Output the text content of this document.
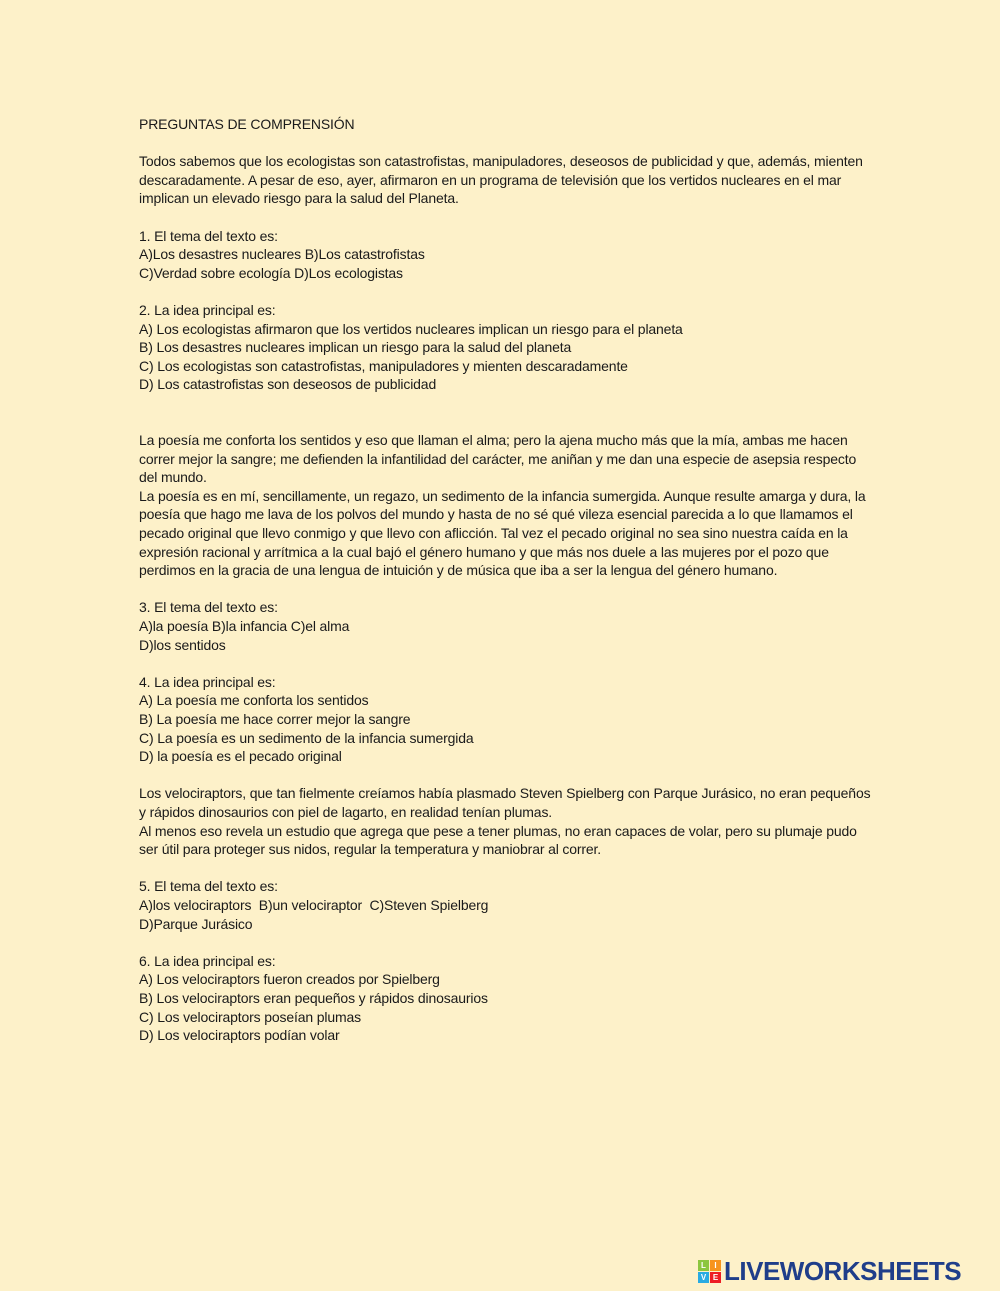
PREGUNTAS DE COMPRENSIÓN
Todos sabemos que los ecologistas son catastrofistas, manipuladores, deseosos de publicidad y que, además, mienten
descaradamente. A pesar de eso, ayer, afirmaron en un programa de televisión que los vertidos nucleares en el mar
implican un elevado riesgo para la salud del Planeta.
1. El tema del texto es:
A)Los desastres nucleares B)Los catastrofistas
C)Verdad sobre ecología D)Los ecologistas
2. La idea principal es:
A) Los ecologistas afirmaron que los vertidos nucleares implican un riesgo para el planeta
B) Los desastres nucleares implican un riesgo para la salud del planeta
C) Los ecologistas son catastrofistas, manipuladores y mienten descaradamente
D) Los catastrofistas son deseosos de publicidad
La poesía me conforta los sentidos y eso que llaman el alma; pero la ajena mucho más que la mía, ambas me hacen
correr mejor la sangre; me defienden la infantilidad del carácter, me aniñan y me dan una especie de asepsia respecto
del mundo.
La poesía es en mí, sencillamente, un regazo, un sedimento de la infancia sumergida. Aunque resulte amarga y dura, la
poesía que hago me lava de los polvos del mundo y hasta de no sé qué vileza esencial parecida a lo que llamamos el
pecado original que llevo conmigo y que llevo con aflicción. Tal vez el pecado original no sea sino nuestra caída en la
expresión racional y arrítmica a la cual bajó el género humano y que más nos duele a las mujeres por el pozo que
perdimos en la gracia de una lengua de intuición y de música que iba a ser la lengua del género humano.
3. El tema del texto es:
A)la poesía B)la infancia C)el alma
D)los sentidos
4. La idea principal es:
A) La poesía me conforta los sentidos
B) La poesía me hace correr mejor la sangre
C) La poesía es un sedimento de la infancia sumergida
D) la poesía es el pecado original
Los velociraptors, que tan fielmente creíamos había plasmado Steven Spielberg con Parque Jurásico, no eran pequeños
y rápidos dinosaurios con piel de lagarto, en realidad tenían plumas.
Al menos eso revela un estudio que agrega que pese a tener plumas, no eran capaces de volar, pero su plumaje pudo
ser útil para proteger sus nidos, regular la temperatura y maniobrar al correr.
5. El tema del texto es:
A)los velociraptors  B)un velociraptor  C)Steven Spielberg
D)Parque Jurásico
6. La idea principal es:
A) Los velociraptors fueron creados por Spielberg
B) Los velociraptors eran pequeños y rápidos dinosaurios
C) Los velociraptors poseían plumas
D) Los velociraptors podían volar
L	I
V E LIVEWORKSHEETS
